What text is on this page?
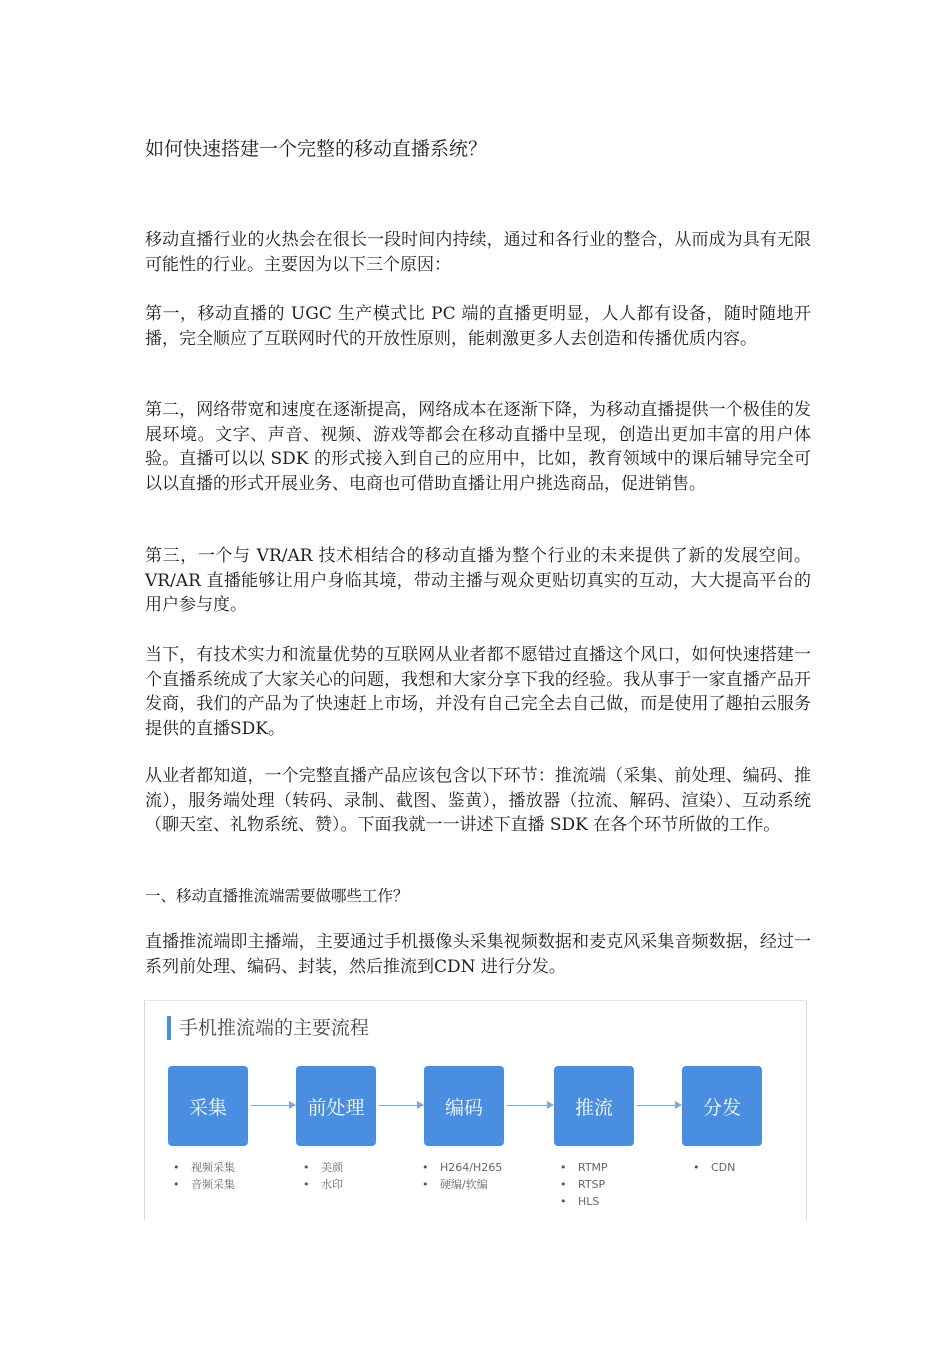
如何快速搭建一个完整的移动直播系统？

移动直播行业的火热会在很长一段时间内持续，通过和各行业的整合，从而成为具有无限可能性的行业。主要因为以下三个原因：

第一，移动直播的 UGC 生产模式比 PC 端的直播更明显，人人都有设备，随时随地开播，完全顺应了互联网时代的开放性原则，能刺激更多人去创造和传播优质内容。

第二，网络带宽和速度在逐渐提高，网络成本在逐渐下降，为移动直播提供一个极佳的发展环境。文字、声音、视频、游戏等都会在移动直播中呈现，创造出更加丰富的用户体验。直播可以以 SDK 的形式接入到自己的应用中，比如，教育领域中的课后辅导完全可以以直播的形式开展业务、电商也可借助直播让用户挑选商品，促进销售。

第三，一个与 VR/AR 技术相结合的移动直播为整个行业的未来提供了新的发展空间。VR/AR 直播能够让用户身临其境，带动主播与观众更贴切真实的互动，大大提高平台的用户参与度。

当下，有技术实力和流量优势的互联网从业者都不愿错过直播这个风口，如何快速搭建一个直播系统成了大家关心的问题，我想和大家分享下我的经验。我从事于一家直播产品开发商，我们的产品为了快速赶上市场，并没有自己完全去自己做，而是使用了趣拍云服务提供的直播SDK。

从业者都知道，一个完整直播产品应该包含以下环节：推流端（采集、前处理、编码、推流），服务端处理（转码、录制、截图、鉴黄），播放器（拉流、解码、渲染）、互动系统（聊天室、礼物系统、赞）。下面我就一一讲述下直播 SDK 在各个环节所做的工作。

一、移动直播推流端需要做哪些工作？

直播推流端即主播端，主要通过手机摄像头采集视频数据和麦克风采集音频数据，经过一系列前处理、编码、封装，然后推流到CDN 进行分发。

手机推流端的主要流程
采集	前处理	编码	推流	分发
• 视频采集
• 音频采集
• 美颜
• 水印
• H264/H265
• 硬编/软编
• RTMP
• RTSP
• HLS
• CDN
